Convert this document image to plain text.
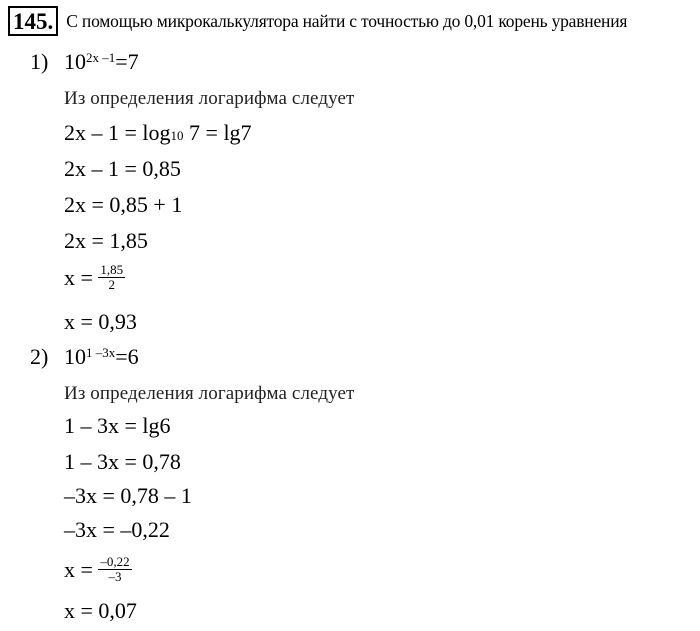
145. С помощью микрокалькулятора найти с точностью до 0,01 корень уравнения
1) $10^{2x -1}=7$
Из определения логарифма следует
$2x - 1 = \log_{10} 7 = \lg 7$
2x – 1 = 0,85
2x = 0,85 + 1
2x = 1,85
$x = \frac{1,85}{2}$
x = 0,93
2) $10^{1 -3x}=6$
Из определения логарифма следует
1 – 3x = lg6
1 – 3x = 0,78
–3x = 0,78 – 1
–3x = –0,22
$x = \frac{-0,22}{-3}$
x = 0,07
